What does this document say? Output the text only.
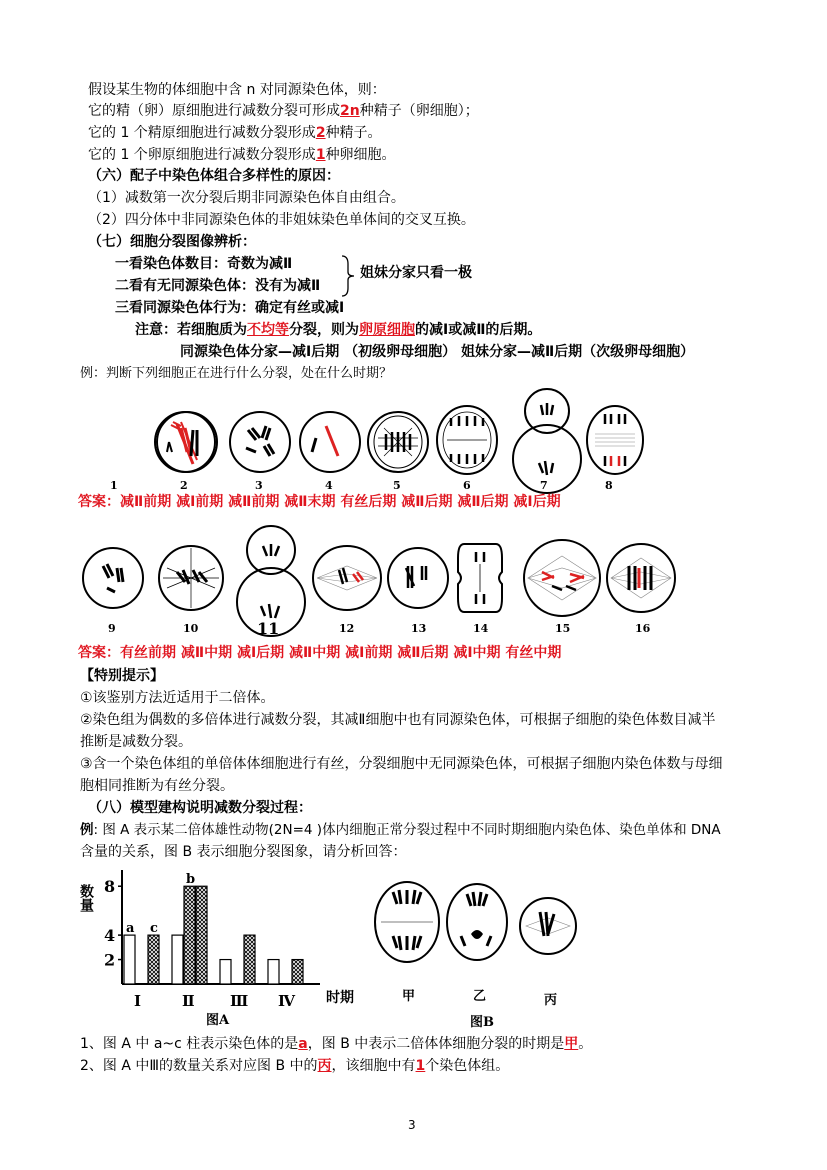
假设某生物的体细胞中含 n 对同源染色体，则：
它的精（卵）原细胞进行减数分裂可形成2n种精子（卵细胞）；
它的 1 个精原细胞进行减数分裂形成2种精子。
它的 1 个卵原细胞进行减数分裂形成1种卵细胞。
（六）配子中染色体组合多样性的原因：
（1）减数第一次分裂后期非同源染色体自由组合。
（2）四分体中非同源染色体的非姐妹染色单体间的交叉互换。
（七）细胞分裂图像辨析：
一看染色体数目：奇数为减Ⅱ
二看有无同源染色体：没有为减Ⅱ
姐妹分家只看一极
三看同源染色体行为：确定有丝或减Ⅰ
注意：若细胞质为不均等分裂，则为卵原细胞的减Ⅰ或减Ⅱ的后期。
同源染色体分家—减Ⅰ后期 （初级卵母细胞） 姐妹分家—减Ⅱ后期（次级卵母细胞）
例：判断下列细胞正在进行什么分裂，处在什么时期？
1	2	3	4	5	6	7	8
答案：减Ⅱ前期 减Ⅰ前期 减Ⅱ前期 减Ⅱ末期 有丝后期 减Ⅱ后期 减Ⅱ后期 减Ⅰ后期
9	10	11	12	13	14	15	16
答案：有丝前期 减Ⅱ中期 减Ⅰ后期 减Ⅱ中期 减Ⅰ前期 减Ⅱ后期 减Ⅰ中期 有丝中期
【特别提示】
①该鉴别方法近适用于二倍体。
②染色组为偶数的多倍体进行减数分裂，其减Ⅱ细胞中也有同源染色体，可根据子细胞的染色体数目减半
推断是减数分裂。
③含一个染色体组的单倍体体细胞进行有丝，分裂细胞中无同源染色体，可根据子细胞内染色体数与母细
胞相同推断为有丝分裂。
（八）模型建构说明减数分裂过程：
例: 图 A 表示某二倍体雄性动物(2N=4 )体内细胞正常分裂过程中不同时期细胞内染色体、染色单体和 DNA
含量的关系，图 B 表示细胞分裂图象，请分析回答：
数量
2
4
8
a c
Ⅰ
b
Ⅱ Ⅲ Ⅳ 时期
图A
甲	乙	丙
图B
1、图 A 中 a~c 柱表示染色体的是a，图 B 中表示二倍体体细胞分裂的时期是甲。
2、图 A 中Ⅲ的数量关系对应图 B 中的丙，该细胞中有1个染色体组。
3
